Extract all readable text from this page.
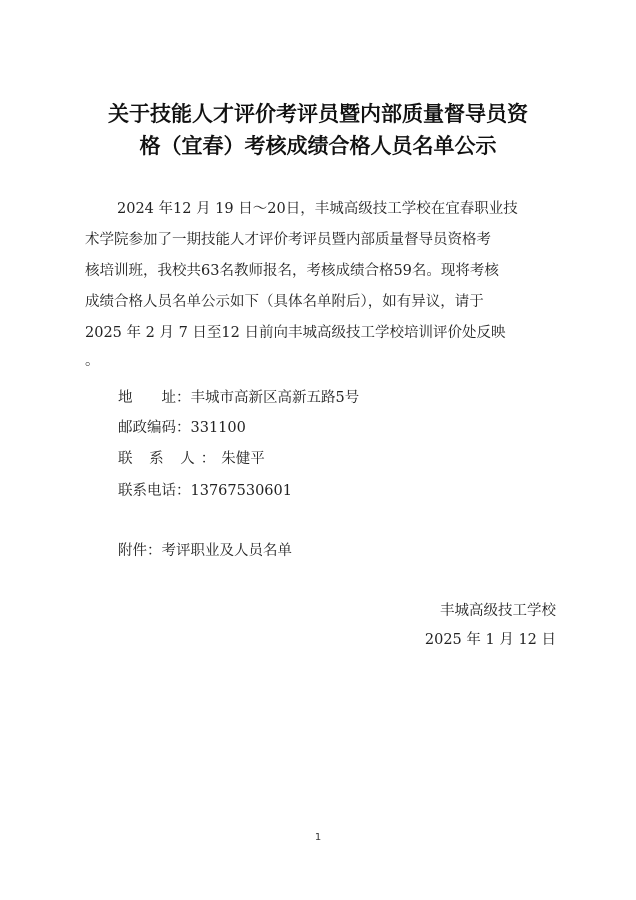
关于技能人才评价考评员暨内部质量督导员资
格（宜春）考核成绩合格人员名单公示
2024 年12 月 19 日～20日，丰城高级技工学校在宜春职业技
术学院参加了一期技能人才评价考评员暨内部质量督导员资格考
核培训班，我校共63名教师报名，考核成绩合格59名。现将考核
成绩合格人员名单公示如下（具体名单附后），如有异议，请于
2025 年 2 月 7 日至12 日前向丰城高级技工学校培训评价处反映
。
地　　址：丰城市高新区高新五路5号
邮政编码：331100
联 系 人：朱健平
联系电话：13767530601
附件：考评职业及人员名单
丰城高级技工学校
2025 年 1 月 12 日
1
